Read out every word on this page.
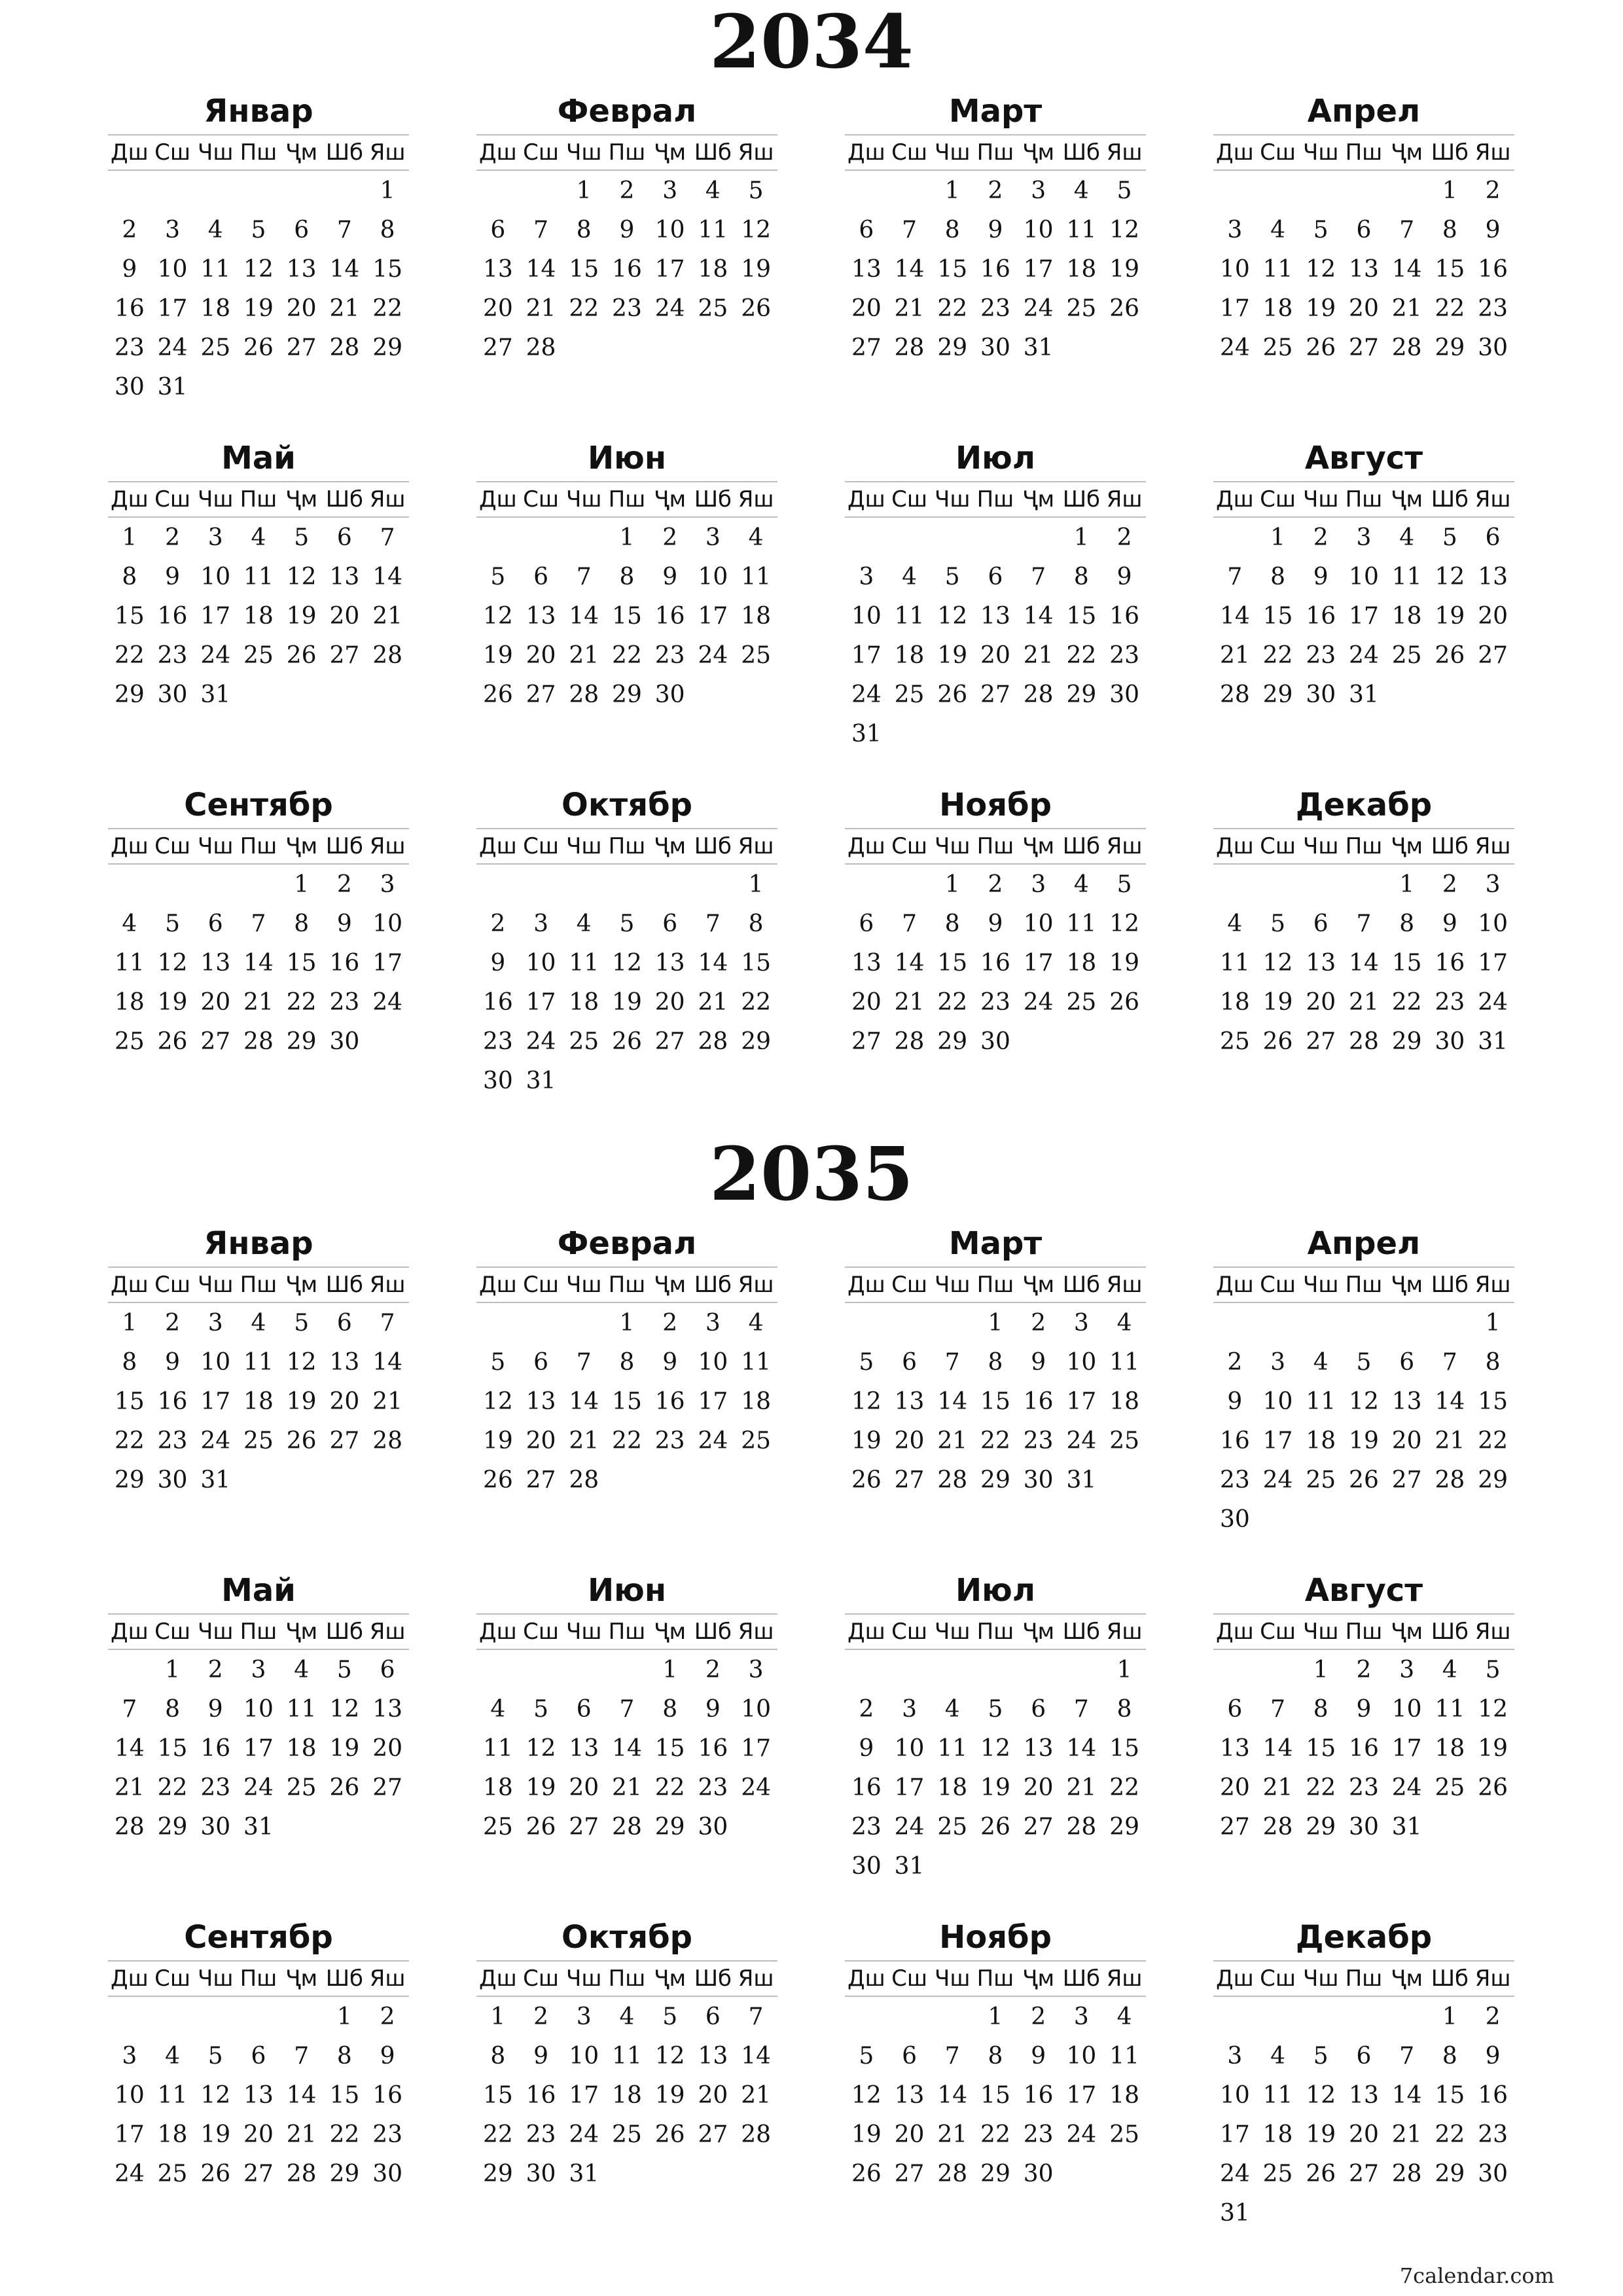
2034
Январ
Дш	Сш	Чш	Пш	Ҷм	Шб	Яш
						1
2	3	4	5	6	7	8
9	10	11	12	13	14	15
16	17	18	19	20	21	22
23	24	25	26	27	28	29
30	31					
Феврал
Дш	Сш	Чш	Пш	Ҷм	Шб	Яш
		1	2	3	4	5
6	7	8	9	10	11	12
13	14	15	16	17	18	19
20	21	22	23	24	25	26
27	28					
Март
Дш	Сш	Чш	Пш	Ҷм	Шб	Яш
		1	2	3	4	5
6	7	8	9	10	11	12
13	14	15	16	17	18	19
20	21	22	23	24	25	26
27	28	29	30	31		
Апрел
Дш	Сш	Чш	Пш	Ҷм	Шб	Яш
					1	2
3	4	5	6	7	8	9
10	11	12	13	14	15	16
17	18	19	20	21	22	23
24	25	26	27	28	29	30
Май
Дш	Сш	Чш	Пш	Ҷм	Шб	Яш
1	2	3	4	5	6	7
8	9	10	11	12	13	14
15	16	17	18	19	20	21
22	23	24	25	26	27	28
29	30	31				
Июн
Дш	Сш	Чш	Пш	Ҷм	Шб	Яш
			1	2	3	4
5	6	7	8	9	10	11
12	13	14	15	16	17	18
19	20	21	22	23	24	25
26	27	28	29	30		
Июл
Дш	Сш	Чш	Пш	Ҷм	Шб	Яш
					1	2
3	4	5	6	7	8	9
10	11	12	13	14	15	16
17	18	19	20	21	22	23
24	25	26	27	28	29	30
31						
Август
Дш	Сш	Чш	Пш	Ҷм	Шб	Яш
	1	2	3	4	5	6
7	8	9	10	11	12	13
14	15	16	17	18	19	20
21	22	23	24	25	26	27
28	29	30	31			
Сентябр
Дш	Сш	Чш	Пш	Ҷм	Шб	Яш
				1	2	3
4	5	6	7	8	9	10
11	12	13	14	15	16	17
18	19	20	21	22	23	24
25	26	27	28	29	30	
Октябр
Дш	Сш	Чш	Пш	Ҷм	Шб	Яш
						1
2	3	4	5	6	7	8
9	10	11	12	13	14	15
16	17	18	19	20	21	22
23	24	25	26	27	28	29
30	31					
Ноябр
Дш	Сш	Чш	Пш	Ҷм	Шб	Яш
		1	2	3	4	5
6	7	8	9	10	11	12
13	14	15	16	17	18	19
20	21	22	23	24	25	26
27	28	29	30			
Декабр
Дш	Сш	Чш	Пш	Ҷм	Шб	Яш
				1	2	3
4	5	6	7	8	9	10
11	12	13	14	15	16	17
18	19	20	21	22	23	24
25	26	27	28	29	30	31
2035
Январ
Дш	Сш	Чш	Пш	Ҷм	Шб	Яш
1	2	3	4	5	6	7
8	9	10	11	12	13	14
15	16	17	18	19	20	21
22	23	24	25	26	27	28
29	30	31				
Феврал
Дш	Сш	Чш	Пш	Ҷм	Шб	Яш
			1	2	3	4
5	6	7	8	9	10	11
12	13	14	15	16	17	18
19	20	21	22	23	24	25
26	27	28				
Март
Дш	Сш	Чш	Пш	Ҷм	Шб	Яш
			1	2	3	4
5	6	7	8	9	10	11
12	13	14	15	16	17	18
19	20	21	22	23	24	25
26	27	28	29	30	31	
Апрел
Дш	Сш	Чш	Пш	Ҷм	Шб	Яш
						1
2	3	4	5	6	7	8
9	10	11	12	13	14	15
16	17	18	19	20	21	22
23	24	25	26	27	28	29
30						
Май
Дш	Сш	Чш	Пш	Ҷм	Шб	Яш
	1	2	3	4	5	6
7	8	9	10	11	12	13
14	15	16	17	18	19	20
21	22	23	24	25	26	27
28	29	30	31			
Июн
Дш	Сш	Чш	Пш	Ҷм	Шб	Яш
				1	2	3
4	5	6	7	8	9	10
11	12	13	14	15	16	17
18	19	20	21	22	23	24
25	26	27	28	29	30	
Июл
Дш	Сш	Чш	Пш	Ҷм	Шб	Яш
						1
2	3	4	5	6	7	8
9	10	11	12	13	14	15
16	17	18	19	20	21	22
23	24	25	26	27	28	29
30	31					
Август
Дш	Сш	Чш	Пш	Ҷм	Шб	Яш
		1	2	3	4	5
6	7	8	9	10	11	12
13	14	15	16	17	18	19
20	21	22	23	24	25	26
27	28	29	30	31		
Сентябр
Дш	Сш	Чш	Пш	Ҷм	Шб	Яш
					1	2
3	4	5	6	7	8	9
10	11	12	13	14	15	16
17	18	19	20	21	22	23
24	25	26	27	28	29	30
Октябр
Дш	Сш	Чш	Пш	Ҷм	Шб	Яш
1	2	3	4	5	6	7
8	9	10	11	12	13	14
15	16	17	18	19	20	21
22	23	24	25	26	27	28
29	30	31				
Ноябр
Дш	Сш	Чш	Пш	Ҷм	Шб	Яш
			1	2	3	4
5	6	7	8	9	10	11
12	13	14	15	16	17	18
19	20	21	22	23	24	25
26	27	28	29	30		
Декабр
Дш	Сш	Чш	Пш	Ҷм	Шб	Яш
					1	2
3	4	5	6	7	8	9
10	11	12	13	14	15	16
17	18	19	20	21	22	23
24	25	26	27	28	29	30
31						
7calendar.com
